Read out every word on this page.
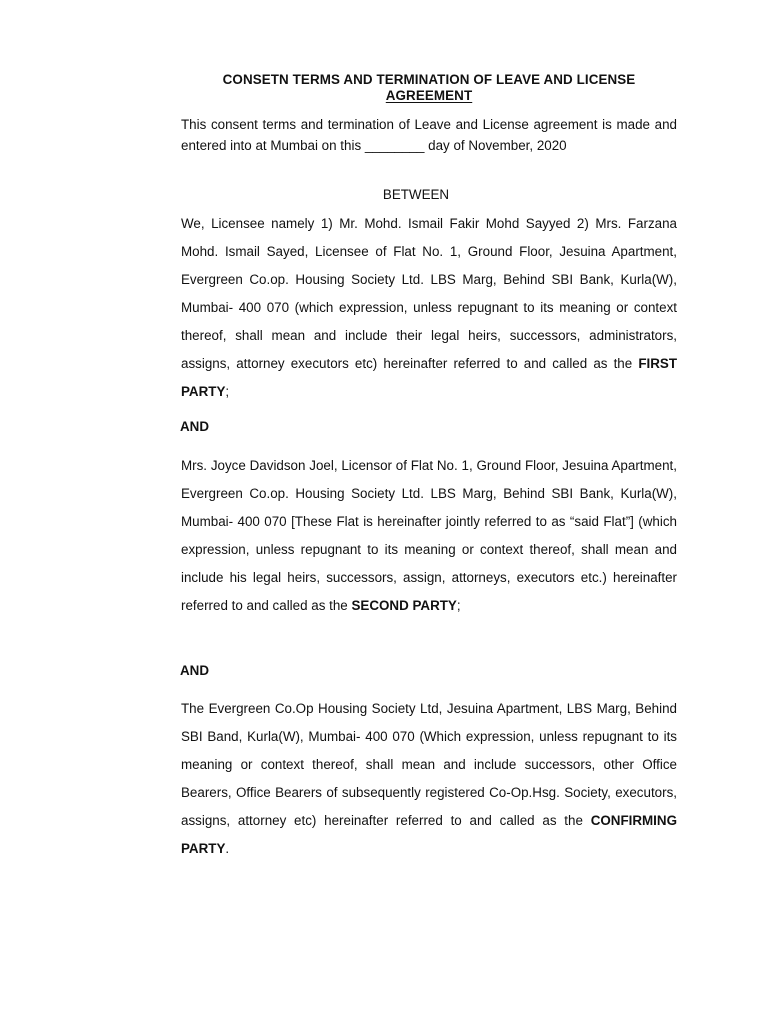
CONSETN TERMS AND TERMINATION OF LEAVE AND LICENSE
AGREEMENT
This consent terms and termination of Leave and License agreement is made and entered into at Mumbai on this ________ day of November, 2020
BETWEEN
We, Licensee namely 1) Mr. Mohd. Ismail Fakir Mohd Sayyed 2) Mrs. Farzana Mohd. Ismail Sayed, Licensee of Flat No. 1, Ground Floor, Jesuina Apartment, Evergreen Co.op. Housing Society Ltd. LBS Marg, Behind SBI Bank, Kurla(W), Mumbai- 400 070 (which expression, unless repugnant to its meaning or context thereof, shall mean and include their legal heirs, successors, administrators, assigns, attorney executors etc) hereinafter referred to and called as the FIRST PARTY;
AND
Mrs. Joyce Davidson Joel, Licensor of Flat No. 1, Ground Floor, Jesuina Apartment, Evergreen Co.op. Housing Society Ltd. LBS Marg, Behind SBI Bank, Kurla(W), Mumbai- 400 070 [These Flat is hereinafter jointly referred to as “said Flat”] (which expression, unless repugnant to its meaning or context thereof, shall mean and include his legal heirs, successors, assign, attorneys, executors etc.) hereinafter referred to and called as the SECOND PARTY;
AND
The Evergreen Co.Op Housing Society Ltd, Jesuina Apartment, LBS Marg, Behind SBI Band, Kurla(W), Mumbai- 400 070 (Which expression, unless repugnant to its meaning or context thereof, shall mean and include successors, other Office Bearers, Office Bearers of subsequently registered Co-Op.Hsg. Society, executors, assigns, attorney etc) hereinafter referred to and called as the CONFIRMING PARTY.
